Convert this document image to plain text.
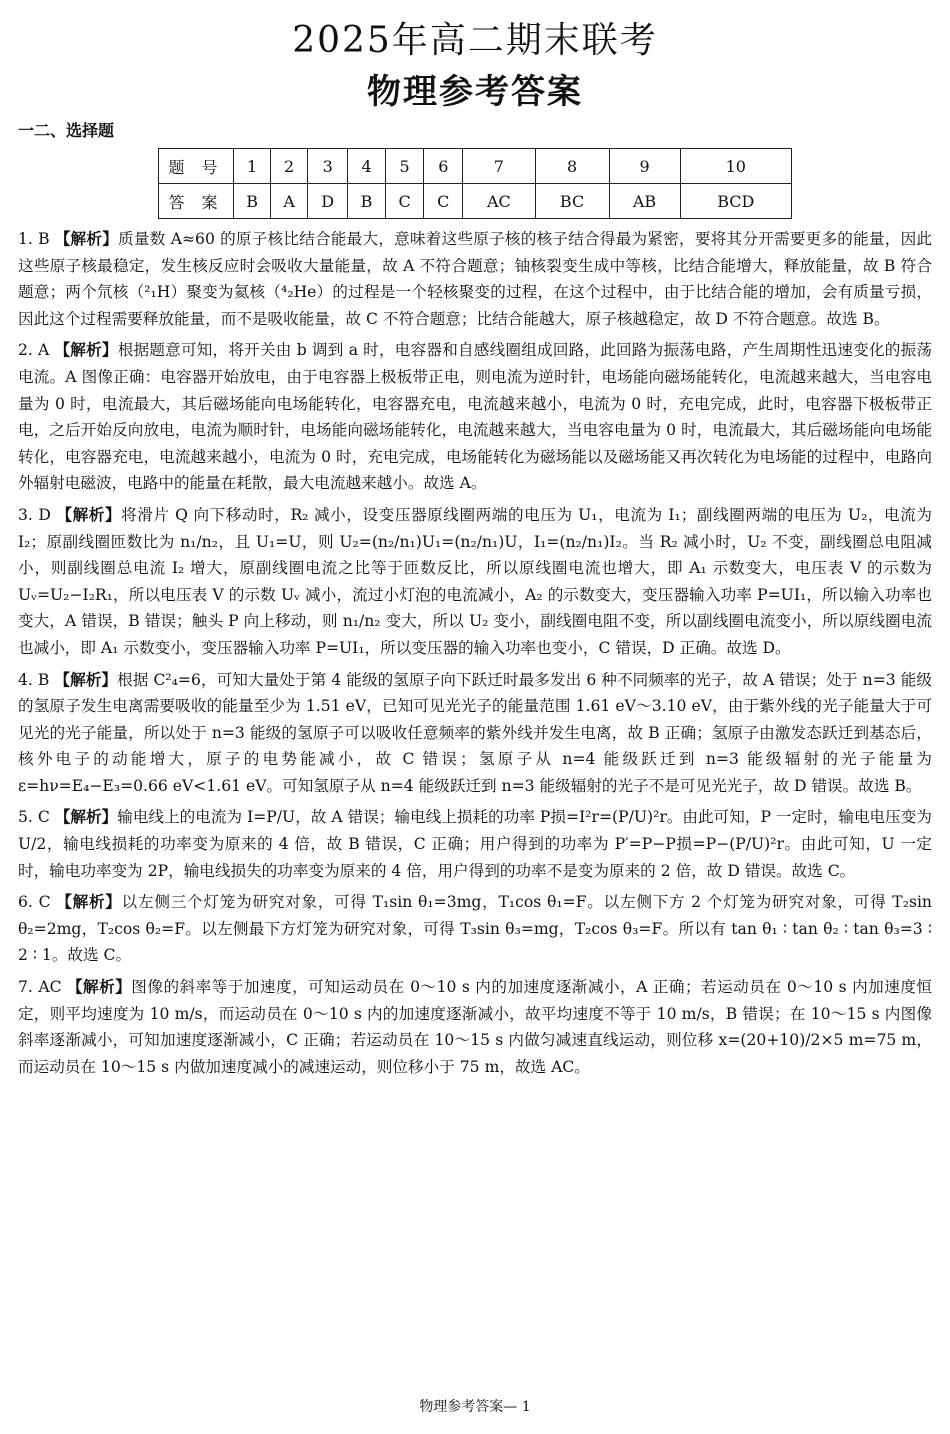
2025年高二期末联考
物理参考答案
一二、选择题
题 号	1	2	3	4	5	6	7	8	9	10
答 案	B	A	D	B	C	C	AC	BC	AB	BCD

1. B 【解析】质量数 A≈60 的原子核比结合能最大，意味着这些原子核的核子结合得最为紧密，要将其分开需要更多的能量，因此这些原子核最稳定，发生核反应时会吸收大量能量，故 A 不符合题意；铀核裂变生成中等核，比结合能增大，释放能量，故 B 符合题意；两个氘核（²₁H）聚变为氦核（⁴₂He）的过程是一个轻核聚变的过程，在这个过程中，由于比结合能的增加，会有质量亏损，因此这个过程需要释放能量，而不是吸收能量，故 C 不符合题意；比结合能越大，原子核越稳定，故 D 不符合题意。故选 B。

2. A 【解析】根据题意可知，将开关由 b 调到 a 时，电容器和自感线圈组成回路，此回路为振荡电路，产生周期性迅速变化的振荡电流。A 图像正确：电容器开始放电，由于电容器上极板带正电，则电流为逆时针，电场能向磁场能转化，电流越来越大，当电容电量为 0 时，电流最大，其后磁场能向电场能转化，电容器充电，电流越来越小，电流为 0 时，充电完成，此时，电容器下极板带正电，之后开始反向放电，电流为顺时针，电场能向磁场能转化，电流越来越大，当电容电量为 0 时，电流最大，其后磁场能向电场能转化，电容器充电，电流越来越小，电流为 0 时，充电完成，电场能转化为磁场能以及磁场能又再次转化为电场能的过程中，电路向外辐射电磁波，电路中的能量在耗散，最大电流越来越小。故选 A。

3. D 【解析】将滑片 Q 向下移动时，R₂ 减小，设变压器原线圈两端的电压为 U₁，电流为 I₁；副线圈两端的电压为 U₂，电流为 I₂；原副线圈匝数比为 n₁/n₂，且 U₁=U，则 U₂=(n₂/n₁)U₁=(n₂/n₁)U，I₁=(n₂/n₁)I₂。当 R₂ 减小时，U₂ 不变，副线圈总电阻减小，则副线圈总电流 I₂ 增大，原副线圈电流之比等于匝数反比，所以原线圈电流也增大，即 A₁ 示数变大，电压表 V 的示数为 Uᵥ=U₂−I₂R₁，所以电压表 V 的示数 Uᵥ 减小，流过小灯泡的电流减小，A₂ 的示数变大，变压器输入功率 P=UI₁，所以输入功率也变大，A 错误，B 错误；触头 P 向上移动，则 n₁/n₂ 变大，所以 U₂ 变小，副线圈电阻不变，所以副线圈电流变小，所以原线圈电流也减小，即 A₁ 示数变小，变压器输入功率 P=UI₁，所以变压器的输入功率也变小，C 错误，D 正确。故选 D。

4. B 【解析】根据 C²₄=6，可知大量处于第 4 能级的氢原子向下跃迁时最多发出 6 种不同频率的光子，故 A 错误；处于 n=3 能级的氢原子发生电离需要吸收的能量至少为 1.51 eV，已知可见光光子的能量范围 1.61 eV～3.10 eV，由于紫外线的光子能量大于可见光的光子能量，所以处于 n=3 能级的氢原子可以吸收任意频率的紫外线并发生电离，故 B 正确；氢原子由激发态跃迁到基态后，核外电子的动能增大，原子的电势能减小，故 C 错误；氢原子从 n=4 能级跃迁到 n=3 能级辐射的光子能量为 ε=hν=E₄−E₃=0.66 eV<1.61 eV。可知氢原子从 n=4 能级跃迁到 n=3 能级辐射的光子不是可见光光子，故 D 错误。故选 B。

5. C 【解析】输电线上的电流为 I=P/U，故 A 错误；输电线上损耗的功率 P损=I²r=(P/U)²r。由此可知，P 一定时，输电电压变为 U/2，输电线损耗的功率变为原来的 4 倍，故 B 错误，C 正确；用户得到的功率为 P′=P−P损=P−(P/U)²r。由此可知，U 一定时，输电功率变为 2P，输电线损失的功率变为原来的 4 倍，用户得到的功率不是变为原来的 2 倍，故 D 错误。故选 C。

6. C 【解析】以左侧三个灯笼为研究对象，可得 T₁sin θ₁=3mg，T₁cos θ₁=F。以左侧下方 2 个灯笼为研究对象，可得 T₂sin θ₂=2mg，T₂cos θ₂=F。以左侧最下方灯笼为研究对象，可得 T₃sin θ₃=mg，T₂cos θ₃=F。所以有 tan θ₁ ∶ tan θ₂ ∶ tan θ₃=3 ∶ 2 ∶ 1。故选 C。

7. AC 【解析】图像的斜率等于加速度，可知运动员在 0～10 s 内的加速度逐渐减小，A 正确；若运动员在 0～10 s 内加速度恒定，则平均速度为 10 m/s，而运动员在 0～10 s 内的加速度逐渐减小，故平均速度不等于 10 m/s，B 错误；在 10～15 s 内图像斜率逐渐减小，可知加速度逐渐减小，C 正确；若运动员在 10～15 s 内做匀减速直线运动，则位移 x=(20+10)/2×5 m=75 m，而运动员在 10～15 s 内做加速度减小的减速运动，则位移小于 75 m，故选 AC。

物理参考答案— 1
